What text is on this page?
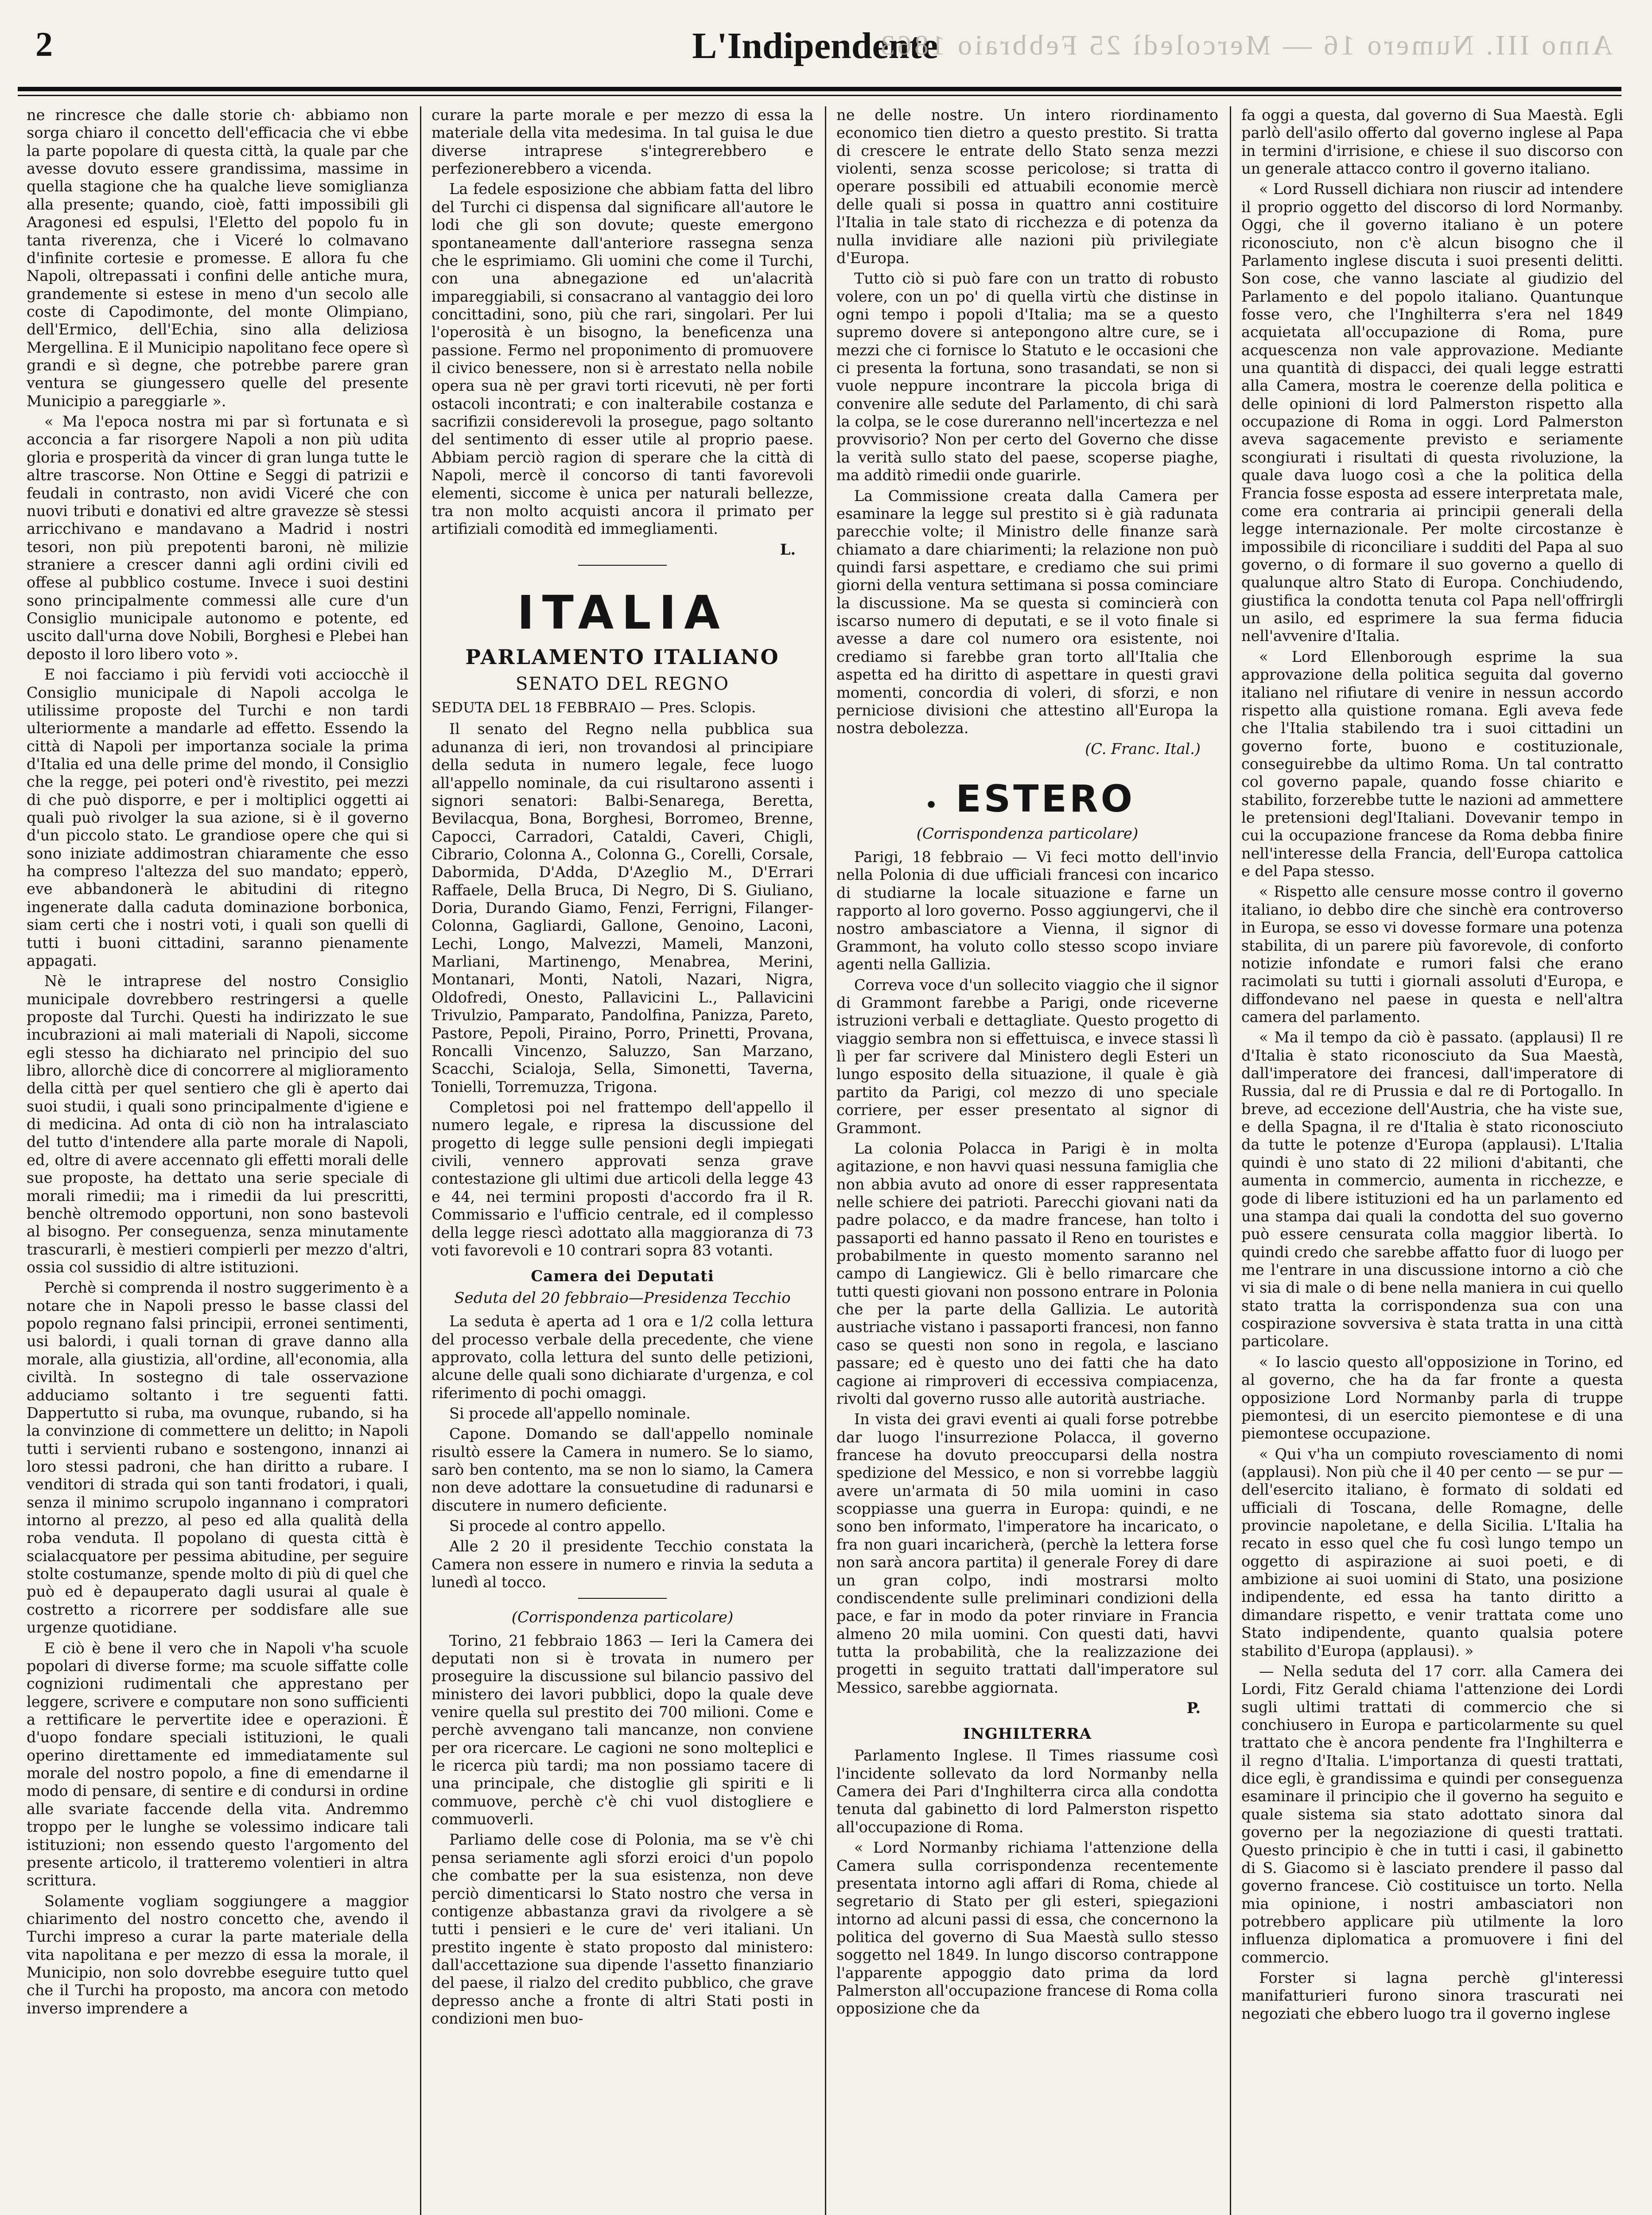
2	L'Indipendente
Anno III. Numero 16 — Mercoledì 25 Febbraio 1863

ne rincresce che dalle storie ch· abbiamo non sorga chiaro il concetto dell'efficacia che vi ebbe la parte popolare di questa città, la quale par che avesse dovuto essere grandissima, massime in quella stagione che ha qualche lieve somiglianza alla presente; quando, cioè, fatti impossibili gli Aragonesi ed espulsi, l'Eletto del popolo fu in tanta riverenza, che i Viceré lo colmavano d'infinite cortesie e promesse. E allora fu che Napoli, oltrepassati i confini delle antiche mura, grandemente si estese in meno d'un secolo alle coste di Capodimonte, del monte Olimpiano, dell'Ermico, dell'Echia, sino alla deliziosa Mergellina. E il Municipio napolitano fece opere sì grandi e sì degne, che potrebbe parere gran ventura se giungessero quelle del presente Municipio a pareggiarle ».

« Ma l'epoca nostra mi par sì fortunata e sì acconcia a far risorgere Napoli a non più udita gloria e prosperità da vincer di gran lunga tutte le altre trascorse. Non Ottine e Seggi di patrizii e feudali in contrasto, non avidi Viceré che con nuovi tributi e donativi ed altre gravezze sè stessi arricchivano e mandavano a Madrid i nostri tesori, non più prepotenti baroni, nè milizie straniere a crescer danni agli ordini civili ed offese al pubblico costume. Invece i suoi destini sono principalmente commessi alle cure d'un Consiglio municipale autonomo e potente, ed uscito dall'urna dove Nobili, Borghesi e Plebei han deposto il loro libero voto ».

E noi facciamo i più fervidi voti acciocchè il Consiglio municipale di Napoli accolga le utilissime proposte del Turchi e non tardi ulteriormente a mandarle ad effetto. Essendo la città di Napoli per importanza sociale la prima d'Italia ed una delle prime del mondo, il Consiglio che la regge, pei poteri ond'è rivestito, pei mezzi di che può disporre, e per i moltiplici oggetti ai quali può rivolger la sua azione, si è il governo d'un piccolo stato. Le grandiose opere che qui si sono iniziate addimostran chiaramente che esso ha compreso l'altezza del suo mandato; epperò, eve abbandonerà le abitudini di ritegno ingenerate dalla caduta dominazione borbonica, siam certi che i nostri voti, i quali son quelli di tutti i buoni cittadini, saranno pienamente appagati.

Nè le intraprese del nostro Consiglio municipale dovrebbero restringersi a quelle proposte dal Turchi. Questi ha indirizzato le sue incubrazioni ai mali materiali di Napoli, siccome egli stesso ha dichiarato nel principio del suo libro, allorchè dice di concorrere al miglioramento della città per quel sentiero che gli è aperto dai suoi studii, i quali sono principalmente d'igiene e di medicina. Ad onta di ciò non ha intralasciato del tutto d'intendere alla parte morale di Napoli, ed, oltre di avere accennato gli effetti morali delle sue proposte, ha dettato una serie speciale di morali rimedii; ma i rimedii da lui prescritti, benchè oltremodo opportuni, non sono bastevoli al bisogno. Per conseguenza, senza minutamente trascurarli, è mestieri compierli per mezzo d'altri, ossia col sussidio di altre istituzioni.

Perchè si comprenda il nostro suggerimento è a notare che in Napoli presso le basse classi del popolo regnano falsi principii, erronei sentimenti, usi balordi, i quali tornan di grave danno alla morale, alla giustizia, all'ordine, all'economia, alla civiltà. In sostegno di tale osservazione adduciamo soltanto i tre seguenti fatti. Dappertutto si ruba, ma ovunque, rubando, si ha la convinzione di commettere un delitto; in Napoli tutti i servienti rubano e sostengono, innanzi ai loro stessi padroni, che han diritto a rubare. I venditori di strada qui son tanti frodatori, i quali, senza il minimo scrupolo ingannano i compratori intorno al prezzo, al peso ed alla qualità della roba venduta. Il popolano di questa città è scialacquatore per pessima abitudine, per seguire stolte costumanze, spende molto di più di quel che può ed è depauperato dagli usurai al quale è costretto a ricorrere per soddisfare alle sue urgenze quotidiane.

E ciò è bene il vero che in Napoli v'ha scuole popolari di diverse forme; ma scuole siffatte colle cognizioni rudimentali che apprestano per leggere, scrivere e computare non sono sufficienti a rettificare le pervertite idee e operazioni. È d'uopo fondare speciali istituzioni, le quali operino direttamente ed immediatamente sul morale del nostro popolo, a fine di emendarne il modo di pensare, di sentire e di condursi in ordine alle svariate faccende della vita. Andremmo troppo per le lunghe se volessimo indicare tali istituzioni; non essendo questo l'argomento del presente articolo, il tratteremo volentieri in altra scrittura.

Solamente vogliam soggiungere a maggior chiarimento del nostro concetto che, avendo il Turchi impreso a curar la parte materiale della vita napolitana e per mezzo di essa la morale, il Municipio, non solo dovrebbe eseguire tutto quel che il Turchi ha proposto, ma ancora con metodo inverso imprendere a

curare la parte morale e per mezzo di essa la materiale della vita medesima. In tal guisa le due diverse intraprese s'integrerebbero e perfezionerebbero a vicenda.

La fedele esposizione che abbiam fatta del libro del Turchi ci dispensa dal significare all'autore le lodi che gli son dovute; queste emergono spontaneamente dall'anteriore rassegna senza che le esprimiamo. Gli uomini che come il Turchi, con una abnegazione ed un'alacrità impareggiabili, si consacrano al vantaggio dei loro concittadini, sono, più che rari, singolari. Per lui l'operosità è un bisogno, la beneficenza una passione. Fermo nel proponimento di promuovere il civico benessere, non si è arrestato nella nobile opera sua nè per gravi torti ricevuti, nè per forti ostacoli incontrati; e con inalterabile costanza e sacrifizii considerevoli la prosegue, pago soltanto del sentimento di esser utile al proprio paese. Abbiam perciò ragion di sperare che la città di Napoli, mercè il concorso di tanti favorevoli elementi, siccome è unica per naturali bellezze, tra non molto acquisti ancora il primato per artifiziali comodità ed immegliamenti.

L.
ITALIA
PARLAMENTO ITALIANO
SENATO DEL REGNO
SEDUTA DEL 18 FEBBRAIO — Pres. Sclopis.

Il senato del Regno nella pubblica sua adunanza di ieri, non trovandosi al principiare della seduta in numero legale, fece luogo all'appello nominale, da cui risultarono assenti i signori senatori: Balbi-Senarega, Beretta, Bevilacqua, Bona, Borghesi, Borromeo, Brenne, Capocci, Carradori, Cataldi, Caveri, Chigli, Cibrario, Colonna A., Colonna G., Corelli, Corsale, Dabormida, D'Adda, D'Azeglio M., D'Errari Raffaele, Della Bruca, Di Negro, Di S. Giuliano, Doria, Durando Giamo, Fenzi, Ferrigni, Filanger-Colonna, Gagliardi, Gallone, Genoino, Laconi, Lechi, Longo, Malvezzi, Mameli, Manzoni, Marliani, Martinengo, Menabrea, Merini, Montanari, Monti, Natoli, Nazari, Nigra, Oldofredi, Onesto, Pallavicini L., Pallavicini Trivulzio, Pamparato, Pandolfina, Panizza, Pareto, Pastore, Pepoli, Piraino, Porro, Prinetti, Provana, Roncalli Vincenzo, Saluzzo, San Marzano, Scacchi, Scialoja, Sella, Simonetti, Taverna, Tonielli, Torremuzza, Trigona.

Completosi poi nel frattempo dell'appello il numero legale, e ripresa la discussione del progetto di legge sulle pensioni degli impiegati civili, vennero approvati senza grave contestazione gli ultimi due articoli della legge 43 e 44, nei termini proposti d'accordo fra il R. Commissario e l'ufficio centrale, ed il complesso della legge riescì adottato alla maggioranza di 73 voti favorevoli e 10 contrari sopra 83 votanti.

Camera dei Deputati
Seduta del 20 febbraio—Presidenza Tecchio

La seduta è aperta ad 1 ora e 1/2 colla lettura del processo verbale della precedente, che viene approvato, colla lettura del sunto delle petizioni, alcune delle quali sono dichiarate d'urgenza, e col riferimento di pochi omaggi.

Si procede all'appello nominale.

Capone. Domando se dall'appello nominale risultò essere la Camera in numero. Se lo siamo, sarò ben contento, ma se non lo siamo, la Camera non deve adottare la consuetudine di radunarsi e discutere in numero deficiente.

Si procede al contro appello.

Alle 2 20 il presidente Tecchio constata la Camera non essere in numero e rinvia la seduta a lunedì al tocco.

(Corrispondenza particolare)

Torino, 21 febbraio 1863 — Ieri la Camera dei deputati non si è trovata in numero per proseguire la discussione sul bilancio passivo del ministero dei lavori pubblici, dopo la quale deve venire quella sul prestito dei 700 milioni. Come e perchè avvengano tali mancanze, non conviene per ora ricercare. Le cagioni ne sono molteplici e le ricerca più tardi; ma non possiamo tacere di una principale, che distoglie gli spiriti e li commuove, perchè c'è chi vuol distogliere e commuoverli.

Parliamo delle cose di Polonia, ma se v'è chi pensa seriamente agli sforzi eroici d'un popolo che combatte per la sua esistenza, non deve perciò dimenticarsi lo Stato nostro che versa in contigenze abbastanza gravi da rivolgere a sè tutti i pensieri e le cure de' veri italiani. Un prestito ingente è stato proposto dal ministero: dall'accettazione sua dipende l'assetto finanziario del paese, il rialzo del credito pubblico, che grave depresso anche a fronte di altri Stati posti in condizioni men buo-

ne delle nostre. Un intero riordinamento economico tien dietro a questo prestito. Si tratta di crescere le entrate dello Stato senza mezzi violenti, senza scosse pericolose; si tratta di operare possibili ed attuabili economie mercè delle quali si possa in quattro anni costituire l'Italia in tale stato di ricchezza e di potenza da nulla invidiare alle nazioni più privilegiate d'Europa.

Tutto ciò si può fare con un tratto di robusto volere, con un po' di quella virtù che distinse in ogni tempo i popoli d'Italia; ma se a questo supremo dovere si antepongono altre cure, se i mezzi che ci fornisce lo Statuto e le occasioni che ci presenta la fortuna, sono trasandati, se non si vuole neppure incontrare la piccola briga di convenire alle sedute del Parlamento, di chi sarà la colpa, se le cose dureranno nell'incertezza e nel provvisorio? Non per certo del Governo che disse la verità sullo stato del paese, scoperse piaghe, ma additò rimedii onde guarirle.

La Commissione creata dalla Camera per esaminare la legge sul prestito si è già radunata parecchie volte; il Ministro delle finanze sarà chiamato a dare chiarimenti; la relazione non può quindi farsi aspettare, e crediamo che sui primi giorni della ventura settimana si possa cominciare la discussione. Ma se questa si comincierà con iscarso numero di deputati, e se il voto finale si avesse a dare col numero ora esistente, noi crediamo si farebbe gran torto all'Italia che aspetta ed ha diritto di aspettare in questi gravi momenti, concordia di voleri, di sforzi, e non perniciose divisioni che attestino all'Europa la nostra debolezza.

(C. Franc. Ital.)
• ESTERO
(Corrispondenza particolare)

Parigi, 18 febbraio — Vi feci motto dell'invio nella Polonia di due ufficiali francesi con incarico di studiarne la locale situazione e farne un rapporto al loro governo. Posso aggiungervi, che il nostro ambasciatore a Vienna, il signor di Grammont, ha voluto collo stesso scopo inviare agenti nella Gallizia.

Correva voce d'un sollecito viaggio che il signor di Grammont farebbe a Parigi, onde riceverne istruzioni verbali e dettagliate. Questo progetto di viaggio sembra non si effettuisca, e invece stassi lì lì per far scrivere dal Ministero degli Esteri un lungo esposito della situazione, il quale è già partito da Parigi, col mezzo di uno speciale corriere, per esser presentato al signor di Grammont.

La colonia Polacca in Parigi è in molta agitazione, e non havvi quasi nessuna famiglia che non abbia avuto ad onore di esser rappresentata nelle schiere dei patrioti. Parecchi giovani nati da padre polacco, e da madre francese, han tolto i passaporti ed hanno passato il Reno en touristes e probabilmente in questo momento saranno nel campo di Langiewicz. Gli è bello rimarcare che tutti questi giovani non possono entrare in Polonia che per la parte della Gallizia. Le autorità austriache vistano i passaporti francesi, non fanno caso se questi non sono in regola, e lasciano passare; ed è questo uno dei fatti che ha dato cagione ai rimproveri di eccessiva compiacenza, rivolti dal governo russo alle autorità austriache.

In vista dei gravi eventi ai quali forse potrebbe dar luogo l'insurrezione Polacca, il governo francese ha dovuto preoccuparsi della nostra spedizione del Messico, e non si vorrebbe laggiù avere un'armata di 50 mila uomini in caso scoppiasse una guerra in Europa: quindi, e ne sono ben informato, l'imperatore ha incaricato, o fra non guari incaricherà, (perchè la lettera forse non sarà ancora partita) il generale Forey di dare un gran colpo, indi mostrarsi molto condiscendente sulle preliminari condizioni della pace, e far in modo da poter rinviare in Francia almeno 20 mila uomini. Con questi dati, havvi tutta la probabilità, che la realizzazione dei progetti in seguito trattati dall'imperatore sul Messico, sarebbe aggiornata.

P.
INGHILTERRA

Parlamento Inglese. Il Times riassume così l'incidente sollevato da lord Normanby nella Camera dei Pari d'Inghilterra circa alla condotta tenuta dal gabinetto di lord Palmerston rispetto all'occupazione di Roma.

« Lord Normanby richiama l'attenzione della Camera sulla corrispondenza recentemente presentata intorno agli affari di Roma, chiede al segretario di Stato per gli esteri, spiegazioni intorno ad alcuni passi di essa, che concernono la politica del governo di Sua Maestà sullo stesso soggetto nel 1849. In lungo discorso contrappone l'apparente appoggio dato prima da lord Palmerston all'occupazione francese di Roma colla opposizione che da

fa oggi a questa, dal governo di Sua Maestà. Egli parlò dell'asilo offerto dal governo inglese al Papa in termini d'irrisione, e chiese il suo discorso con un generale attacco contro il governo italiano.

« Lord Russell dichiara non riuscir ad intendere il proprio oggetto del discorso di lord Normanby. Oggi, che il governo italiano è un potere riconosciuto, non c'è alcun bisogno che il Parlamento inglese discuta i suoi presenti delitti. Son cose, che vanno lasciate al giudizio del Parlamento e del popolo italiano. Quantunque fosse vero, che l'Inghilterra s'era nel 1849 acquietata all'occupazione di Roma, pure acquescenza non vale approvazione. Mediante una quantità di dispacci, dei quali legge estratti alla Camera, mostra le coerenze della politica e delle opinioni di lord Palmerston rispetto alla occupazione di Roma in oggi. Lord Palmerston aveva sagacemente previsto e seriamente scongiurati i risultati di questa rivoluzione, la quale dava luogo così a che la politica della Francia fosse esposta ad essere interpretata male, come era contraria ai principii generali della legge internazionale. Per molte circostanze è impossibile di riconciliare i sudditi del Papa al suo governo, o di formare il suo governo a quello di qualunque altro Stato di Europa. Conchiudendo, giustifica la condotta tenuta col Papa nell'offrirgli un asilo, ed esprimere la sua ferma fiducia nell'avvenire d'Italia.

« Lord Ellenborough esprime la sua approvazione della politica seguita dal governo italiano nel rifiutare di venire in nessun accordo rispetto alla quistione romana. Egli aveva fede che l'Italia stabilendo tra i suoi cittadini un governo forte, buono e costituzionale, conseguirebbe da ultimo Roma. Un tal contratto col governo papale, quando fosse chiarito e stabilito, forzerebbe tutte le nazioni ad ammettere le pretensioni degl'Italiani. Dovevanir tempo in cui la occupazione francese da Roma debba finire nell'interesse della Francia, dell'Europa cattolica e del Papa stesso.

« Rispetto alle censure mosse contro il governo italiano, io debbo dire che sinchè era controverso in Europa, se esso vi dovesse formare una potenza stabilita, di un parere più favorevole, di conforto notizie infondate e rumori falsi che erano racimolati su tutti i giornali assoluti d'Europa, e diffondevano nel paese in questa e nell'altra camera del parlamento.

« Ma il tempo da ciò è passato. (applausi) Il re d'Italia è stato riconosciuto da Sua Maestà, dall'imperatore dei francesi, dall'imperatore di Russia, dal re di Prussia e dal re di Portogallo. In breve, ad eccezione dell'Austria, che ha viste sue, e della Spagna, il re d'Italia è stato riconosciuto da tutte le potenze d'Europa (applausi). L'Italia quindi è uno stato di 22 milioni d'abitanti, che aumenta in commercio, aumenta in ricchezze, e gode di libere istituzioni ed ha un parlamento ed una stampa dai quali la condotta del suo governo può essere censurata colla maggior libertà. Io quindi credo che sarebbe affatto fuor di luogo per me l'entrare in una discussione intorno a ciò che vi sia di male o di bene nella maniera in cui quello stato tratta la corrispondenza sua con una cospirazione sovversiva è stata tratta in una città particolare.

« Io lascio questo all'opposizione in Torino, ed al governo, che ha da far fronte a questa opposizione Lord Normanby parla di truppe piemontesi, di un esercito piemontese e di una piemontese occupazione.

« Qui v'ha un compiuto rovesciamento di nomi (applausi). Non più che il 40 per cento — se pur — dell'esercito italiano, è formato di soldati ed ufficiali di Toscana, delle Romagne, delle provincie napoletane, e della Sicilia. L'Italia ha recato in esso quel che fu così lungo tempo un oggetto di aspirazione ai suoi poeti, e di ambizione ai suoi uomini di Stato, una posizione indipendente, ed essa ha tanto diritto a dimandare rispetto, e venir trattata come uno Stato indipendente, quanto qualsia potere stabilito d'Europa (applausi). »

— Nella seduta del 17 corr. alla Camera dei Lordi, Fitz Gerald chiama l'attenzione dei Lordi sugli ultimi trattati di commercio che si conchiusero in Europa e particolarmente su quel trattato che è ancora pendente fra l'Inghilterra e il regno d'Italia. L'importanza di questi trattati, dice egli, è grandissima e quindi per conseguenza esaminare il principio che il governo ha seguito e quale sistema sia stato adottato sinora dal governo per la negoziazione di questi trattati. Questo principio è che in tutti i casi, il gabinetto di S. Giacomo si è lasciato prendere il passo dal governo francese. Ciò costituisce un torto. Nella mia opinione, i nostri ambasciatori non potrebbero applicare più utilmente la loro influenza diplomatica a promuovere i fini del commercio.

Forster si lagna perchè gl'interessi manifatturieri furono sinora trascurati nei negoziati che ebbero luogo tra il governo inglese
